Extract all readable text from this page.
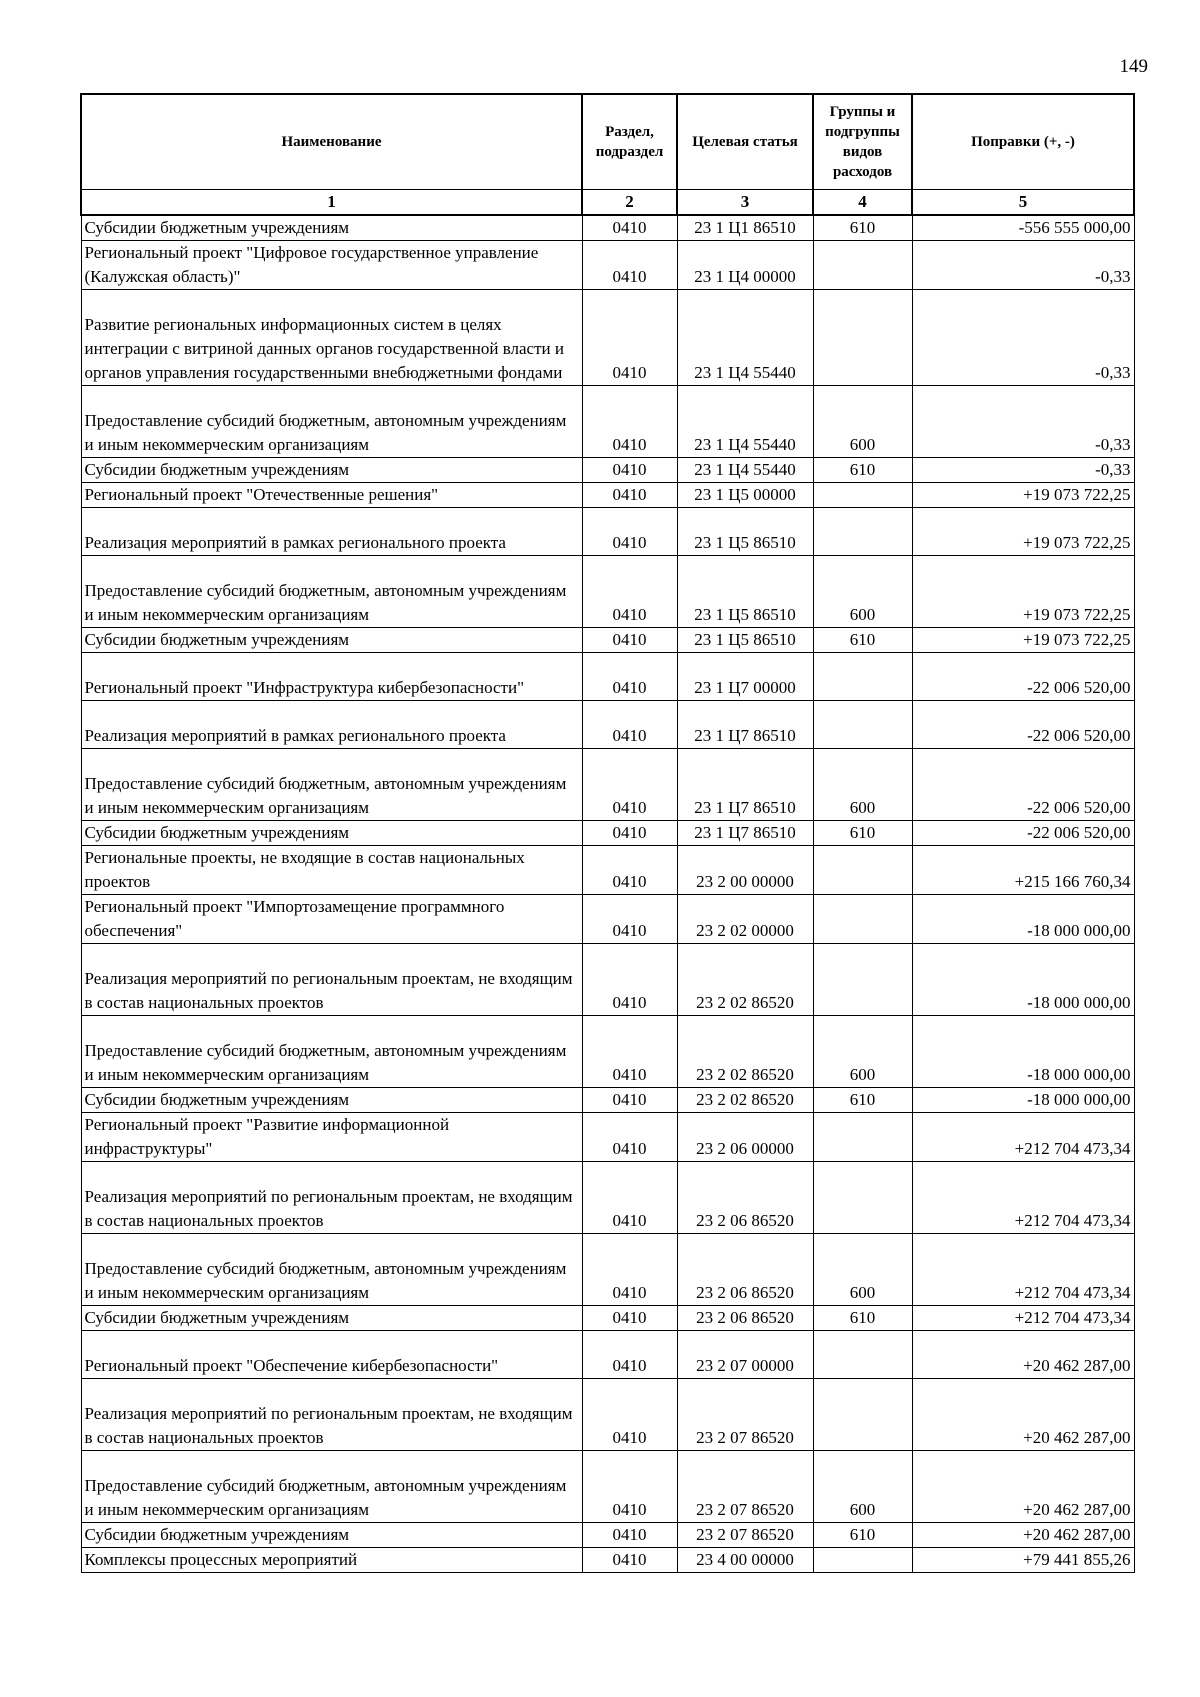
149
Наименование	Раздел, подраздел	Целевая статья	Группы и подгруппы видов расходов	Поправки (+, -)
1	2	3	4	5
Субсидии бюджетным учреждениям	0410	23 1 Ц1 86510	610	-556 555 000,00
Региональный проект "Цифровое государственное управление (Калужская область)"	0410	23 1 Ц4 00000		-0,33
Развитие региональных информационных систем в целях интеграции с витриной данных органов государственной власти и органов управления государственными внебюджетными фондами	0410	23 1 Ц4 55440		-0,33
Предоставление субсидий бюджетным, автономным учреждениям и иным некоммерческим организациям	0410	23 1 Ц4 55440	600	-0,33
Субсидии бюджетным учреждениям	0410	23 1 Ц4 55440	610	-0,33
Региональный проект "Отечественные решения"	0410	23 1 Ц5 00000		+19 073 722,25
Реализация мероприятий в рамках регионального проекта	0410	23 1 Ц5 86510		+19 073 722,25
Предоставление субсидий бюджетным, автономным учреждениям и иным некоммерческим организациям	0410	23 1 Ц5 86510	600	+19 073 722,25
Субсидии бюджетным учреждениям	0410	23 1 Ц5 86510	610	+19 073 722,25
Региональный проект "Инфраструктура кибербезопасности"	0410	23 1 Ц7 00000		-22 006 520,00
Реализация мероприятий в рамках регионального проекта	0410	23 1 Ц7 86510		-22 006 520,00
Предоставление субсидий бюджетным, автономным учреждениям и иным некоммерческим организациям	0410	23 1 Ц7 86510	600	-22 006 520,00
Субсидии бюджетным учреждениям	0410	23 1 Ц7 86510	610	-22 006 520,00
Региональные проекты, не входящие в состав национальных проектов	0410	23 2 00 00000		+215 166 760,34
Региональный проект "Импортозамещение программного обеспечения"	0410	23 2 02 00000		-18 000 000,00
Реализация мероприятий по региональным проектам, не входящим в состав национальных проектов	0410	23 2 02 86520		-18 000 000,00
Предоставление субсидий бюджетным, автономным учреждениям и иным некоммерческим организациям	0410	23 2 02 86520	600	-18 000 000,00
Субсидии бюджетным учреждениям	0410	23 2 02 86520	610	-18 000 000,00
Региональный проект "Развитие информационной инфраструктуры"	0410	23 2 06 00000		+212 704 473,34
Реализация мероприятий по региональным проектам, не входящим в состав национальных проектов	0410	23 2 06 86520		+212 704 473,34
Предоставление субсидий бюджетным, автономным учреждениям и иным некоммерческим организациям	0410	23 2 06 86520	600	+212 704 473,34
Субсидии бюджетным учреждениям	0410	23 2 06 86520	610	+212 704 473,34
Региональный проект "Обеспечение кибербезопасности"	0410	23 2 07 00000		+20 462 287,00
Реализация мероприятий по региональным проектам, не входящим в состав национальных проектов	0410	23 2 07 86520		+20 462 287,00
Предоставление субсидий бюджетным, автономным учреждениям и иным некоммерческим организациям	0410	23 2 07 86520	600	+20 462 287,00
Субсидии бюджетным учреждениям	0410	23 2 07 86520	610	+20 462 287,00
Комплексы процессных мероприятий	0410	23 4 00 00000		+79 441 855,26
